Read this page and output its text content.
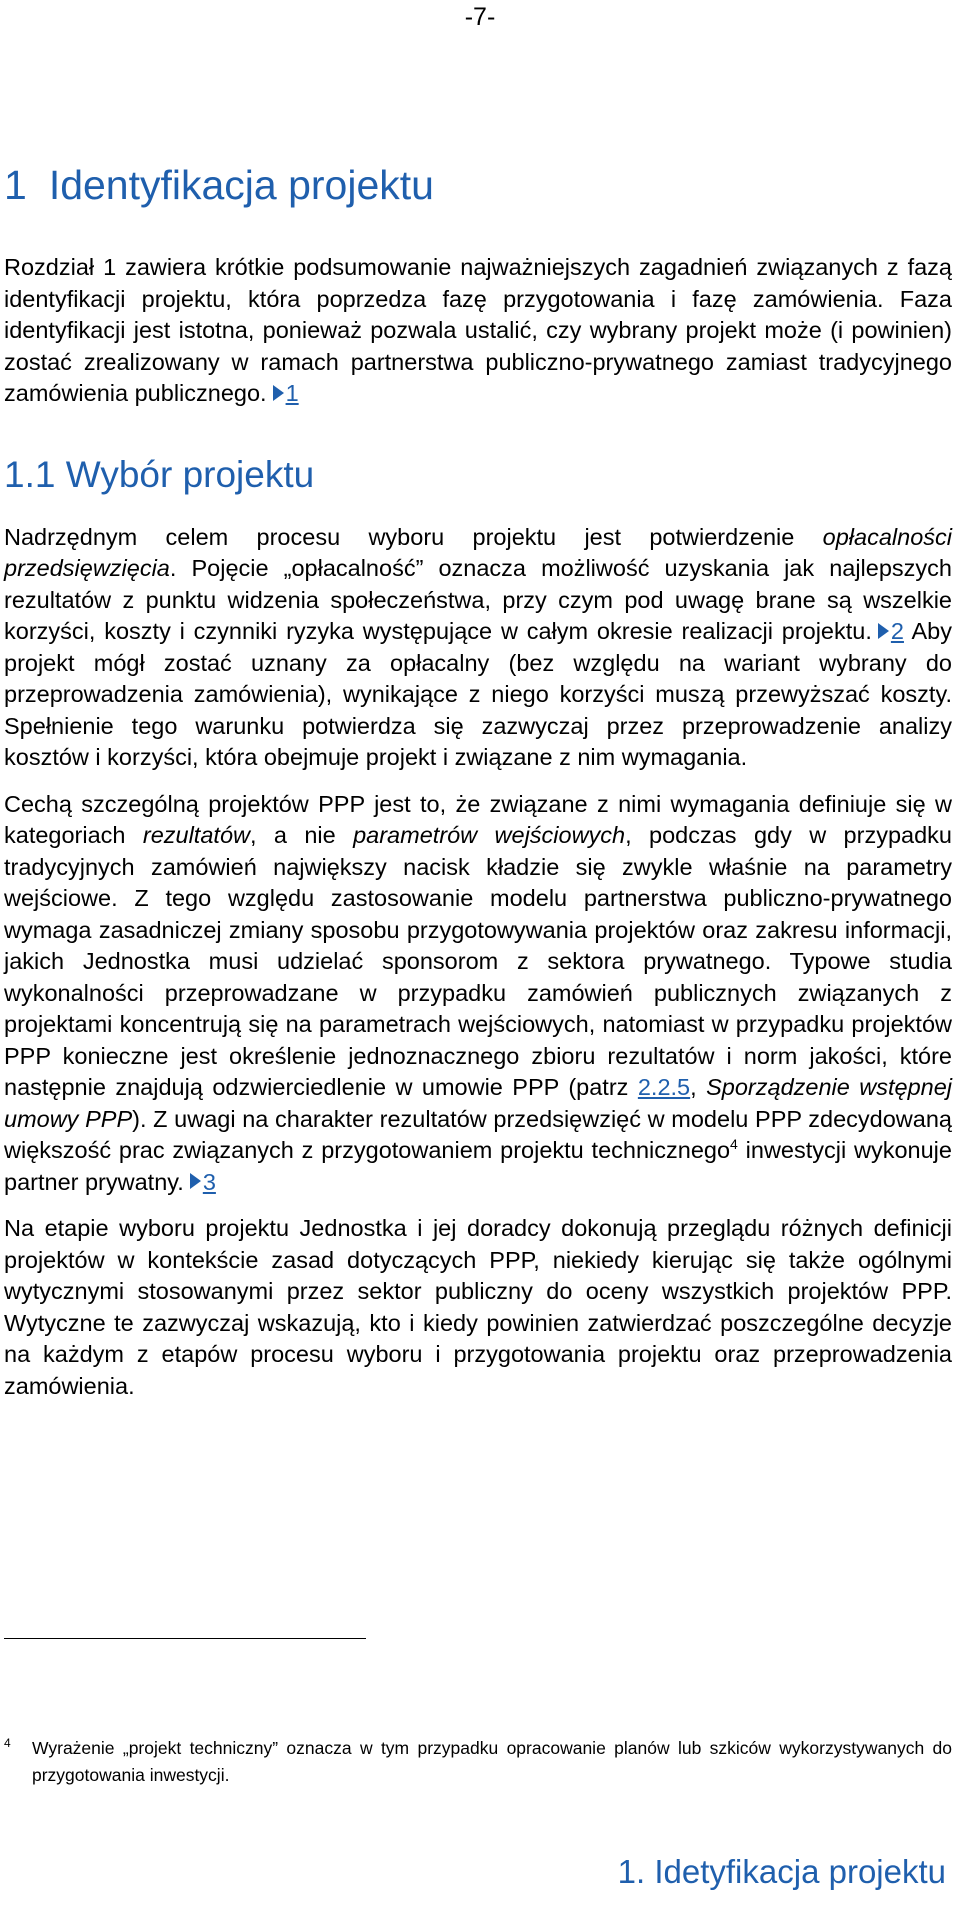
-7-
1 Identyfikacja projektu

Rozdział 1 zawiera krótkie podsumowanie najważniejszych zagadnień związanych z fazą identyfikacji projektu, która poprzedza fazę przygotowania i fazę zamówienia. Faza identyfikacji jest istotna, ponieważ pozwala ustalić, czy wybrany projekt może (i powinien) zostać zrealizowany w ramach partnerstwa publiczno-prywatnego zamiast tradycyjnego zamówienia publicznego. 1

1.1 Wybór projektu

Nadrzędnym celem procesu wyboru projektu jest potwierdzenie opłacalności przedsięwzięcia. Pojęcie „opłacalność” oznacza możliwość uzyskania jak najlepszych rezultatów z punktu widzenia społeczeństwa, przy czym pod uwagę brane są wszelkie korzyści, koszty i czynniki ryzyka występujące w całym okresie realizacji projektu. 2 Aby projekt mógł zostać uznany za opłacalny (bez względu na wariant wybrany do przeprowadzenia zamówienia), wynikające z niego korzyści muszą przewyższać koszty. Spełnienie tego warunku potwierdza się zazwyczaj przez przeprowadzenie analizy kosztów i korzyści, która obejmuje projekt i związane z nim wymagania.

Cechą szczególną projektów PPP jest to, że związane z nimi wymagania definiuje się w kategoriach rezultatów, a nie parametrów wejściowych, podczas gdy w przypadku tradycyjnych zamówień największy nacisk kładzie się zwykle właśnie na parametry wejściowe. Z tego względu zastosowanie modelu partnerstwa publiczno-prywatnego wymaga zasadniczej zmiany sposobu przygotowywania projektów oraz zakresu informacji, jakich Jednostka musi udzielać sponsorom z sektora prywatnego. Typowe studia wykonalności przeprowadzane w przypadku zamówień publicznych związanych z projektami koncentrują się na parametrach wejściowych, natomiast w przypadku projektów PPP konieczne jest określenie jednoznacznego zbioru rezultatów i norm jakości, które następnie znajdują odzwierciedlenie w umowie PPP (patrz 2.2.5, Sporządzenie wstępnej umowy PPP). Z uwagi na charakter rezultatów przedsięwzięć w modelu PPP zdecydowaną większość prac związanych z przygotowaniem projektu technicznego$^4$ inwestycji wykonuje partner prywatny. 3

Na etapie wyboru projektu Jednostka i jej doradcy dokonują przeglądu różnych definicji projektów w kontekście zasad dotyczących PPP, niekiedy kierując się także ogólnymi wytycznymi stosowanymi przez sektor publiczny do oceny wszystkich projektów PPP. Wytyczne te zazwyczaj wskazują, kto i kiedy powinien zatwierdzać poszczególne decyzje na każdym z etapów procesu wyboru i przygotowania projektu oraz przeprowadzenia zamówienia.

4	Wyrażenie „projekt techniczny” oznacza w tym przypadku opracowanie planów lub szkiców wykorzystywanych do przygotowania inwestycji.
1. Idetyfikacja projektu
